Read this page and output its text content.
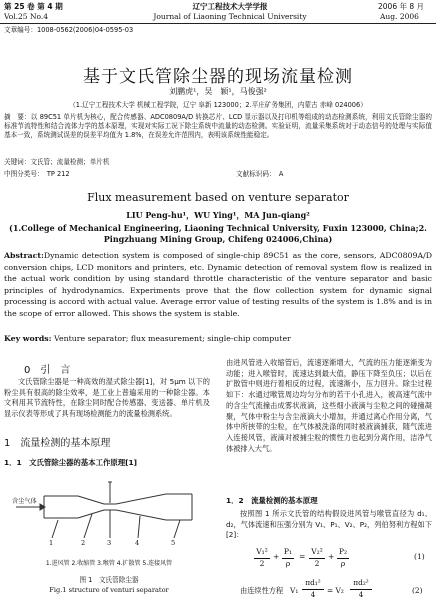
第 25 卷 第 4 期
Vol.25 No.4
辽宁工程技术大学学报
Journal of Liaoning Technical University
2006 年 8 月
Aug. 2006
文章编号：1008-0562(2006)04-0595-03
基于文氏管除尘器的现场流量检测
刘鹏虎¹，吴　颖¹，马俊强²
（1.辽宁工程技术大学 机械工程学院，辽宁 阜新 123000；2.平庄矿务集团，内蒙古 赤峰 024006）
摘　要：以 89C51 单片机为核心，配合传感器、ADC0809A/D 转换芯片、LCD 显示器以及打印机等组成的动态检测系统，利用文氏管除尘器的标准节流特性和结合流体力学的基本原理，实现对实际工况下除尘系统中流量的动态检测。实验证明，流量采集系统对于动态信号的处理与实际值基本一致，系统测试误差的误差平均值为 1.8%，在误差允许范围内，表明该系统性能稳定。
关键词：文氏管；流量检测；单片机
中图分类号：　TP 212	文献标识码：　A
Flux measurement based on venture separator
LIU Peng-hu¹，WU Ying¹，MA Jun-qiang²
(1.College of Mechanical Engineering, Liaoning Technical University, Fuxin 123000, China;2. Pingzhuang Mining Group, Chifeng 024006,China)
Abstract:Dynamic detection system is composed of single-chip 89C51 as the core, sensors, ADC0809A/D conversion chips, LCD monitors and printers, etc. Dynamic detection of removal system flow is realized in the actual work condition by using standard throttle characteristic of the venture separator and basic principles of hydrodynamics. Experiments prove that the flow collection system for dynamic signal processing is accord with actual value. Average error value of testing results of the system is 1.8% and is in the scope of error allowed. This shows the system is stable.
Key words: Venture separator; flux measurement; single-chip computer
0　引　言
文氏管除尘器是一种高效的湿式除尘器[1]，对 5μm 以下的粉尘具有很高的除尘效率，是工业上普遍采用的一种除尘器。本文利用其节流特性，在除尘同时配合传感器、变送器、单片机及显示仪表等形成了具有现场检测能力的流量检测系统。
1　流量检测的基本原理
1．1　文氏管除尘器的基本工作原理[1]
含尘气体
1	2	3	4	5
1.进风管 2.收缩管 3.喉管 4.扩散管 5.连接风管
图 1　文氏管除尘器
Fig.1 structure of venturi separator
由进风管进入收缩管后，流速逐渐增大，气流的压力能逐渐变为动能；进入喉管时，流速达到最大值，静压下降至负压；以后在扩散管中则进行着相反的过程，流速渐小，压力回升。除尘过程如下：水通过喉管周边均匀分布的若干小孔进入，被高速气流中的含尘气流撞击成雾状液滴，这些细小液滴与尘粒之间的碰撞凝聚，气体中粉尘与含尘液滴大小增加，并通过离心作用分离，气体中所挟带的尘粒，在气体被洗涤的同时被液滴捕获，随气流进入连接风管，液滴对被捕尘粒的惯性力也起到分离作用，洁净气体被排入大气。
1．2　流量检测的基本原理
按照图 1 所示文氏管的结构假设进风管与喉管直径为 d₁、d₂，气体流速和压强分别为 V₁、P₁、V₂、P₂，列伯努利方程如下[2]：
V₁²
2
+
P₁
ρ
=
V₂²
2
+
P₂
ρ
(1)
由连续性方程 V₁
πd₁²
4	= V₂
πd₂²
4	(2)
